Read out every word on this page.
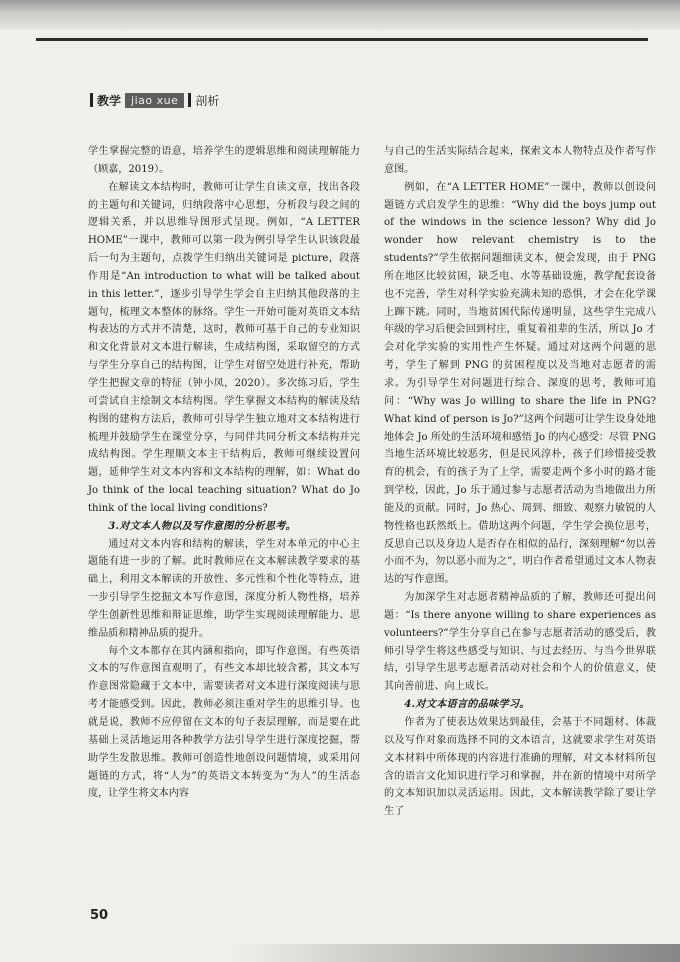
教学 jiao xue	剖析

学生掌握完整的语意，培养学生的逻辑思维和阅读理解能力（顾嘉，2019）。

在解读文本结构时，教师可让学生自读文章，找出各段的主题句和关键词，归纳段落中心思想，分析段与段之间的逻辑关系，并以思维导图形式呈现。例如，“A LETTER HOME”一课中，教师可以第一段为例引导学生认识该段最后一句为主题句，点拨学生归纳出关键词是 picture，段落作用是“An introduction to what will be talked about in this letter.”，逐步引导学生学会自主归纳其他段落的主题句，梳理文本整体的脉络。学生一开始可能对英语文本结构表达的方式并不清楚，这时，教师可基于自己的专业知识和文化背景对文本进行解读，生成结构图，采取留空的方式与学生分享自己的结构图，让学生对留空处进行补充，帮助学生把握文章的特征（钟小凤，2020）。多次练习后，学生可尝试自主绘制文本结构图。学生掌握文本结构的解读及结构图的建构方法后，教师可引导学生独立地对文本结构进行梳理并鼓励学生在课堂分享，与同伴共同分析文本结构并完成结构图。学生理顺文本主干结构后，教师可继续设置问题，延伸学生对文本内容和文本结构的理解，如：What do Jo think of the local teaching situation? What do Jo think of the local living conditions?

3.对文本人物以及写作意图的分析思考。

通过对文本内容和结构的解读，学生对本单元的中心主题能有进一步的了解。此时教师应在文本解读教学要求的基础上，利用文本解读的开放性、多元性和个性化等特点，进一步引导学生挖掘文本写作意图，深度分析人物性格，培养学生创新性思维和辩证思维，助学生实现阅读理解能力、思维品质和精神品质的提升。

每个文本都存在其内涵和指向，即写作意图。有些英语文本的写作意图直观明了，有些文本却比较含蓄，其文本写作意图常隐藏于文本中，需要读者对文本进行深度阅读与思考才能感受到。因此，教师必须注重对学生的思维引导。也就是说，教师不应停留在文本的句子表层理解，而是要在此基础上灵活地运用各种教学方法引导学生进行深度挖掘，帮助学生发散思维。教师可创造性地创设问题情境，或采用问题链的方式，将“人为”的英语文本转变为“为人”的生活态度，让学生将文本内容

与自己的生活实际结合起来，探索文本人物特点及作者写作意图。

例如，在“A LETTER HOME”一课中，教师以创设问题链方式启发学生的思维：“Why did the boys jump out of the windows in the science lesson? Why did Jo wonder how relevant chemistry is to the students?”学生依据问题细读文本，便会发现，由于 PNG 所在地区比较贫困，缺乏电、水等基础设施，教学配套设备也不完善，学生对科学实验充满未知的恐惧，才会在化学课上蹿下跳。同时，当地贫困代际传递明显，这些学生完成八年级的学习后便会回到村庄，重复着祖辈的生活，所以 Jo 才会对化学实验的实用性产生怀疑。通过对这两个问题的思考，学生了解到 PNG 的贫困程度以及当地对志愿者的需求。为引导学生对问题进行综合、深度的思考，教师可追问：“Why was Jo willing to share the life in PNG? What kind of person is Jo?”这两个问题可让学生设身处地地体会 Jo 所处的生活环境和感悟 Jo 的内心感受：尽管 PNG 当地生活环境比较恶劣，但是民风淳朴，孩子们珍惜接受教育的机会，有的孩子为了上学，需要走两个多小时的路才能到学校，因此，Jo 乐于通过参与志愿者活动为当地做出力所能及的贡献。同时，Jo 热心、周到、细致、观察力敏锐的人物性格也跃然纸上。借助这两个问题，学生学会换位思考，反思自己以及身边人是否存在相似的品行，深刻理解“勿以善小而不为，勿以恶小而为之”，明白作者希望通过文本人物表达的写作意图。

为加深学生对志愿者精神品质的了解，教师还可提出问题：“Is there anyone willing to share experiences as volunteers?”学生分享自己在参与志愿者活动的感受后，教师引导学生将这些感受与知识、与过去经历、与当今世界联结，引导学生思考志愿者活动对社会和个人的价值意义，使其向善前进、向上成长。

4.对文本语言的品味学习。

作者为了使表达效果达到最佳，会基于不同题材、体裁以及写作对象而选择不同的文本语言，这就要求学生对英语文本材料中所体现的内容进行准确的理解，对文本材料所包含的语言文化知识进行学习和掌握，并在新的情境中对所学的文本知识加以灵活运用。因此，文本解读教学除了要让学生了

50
